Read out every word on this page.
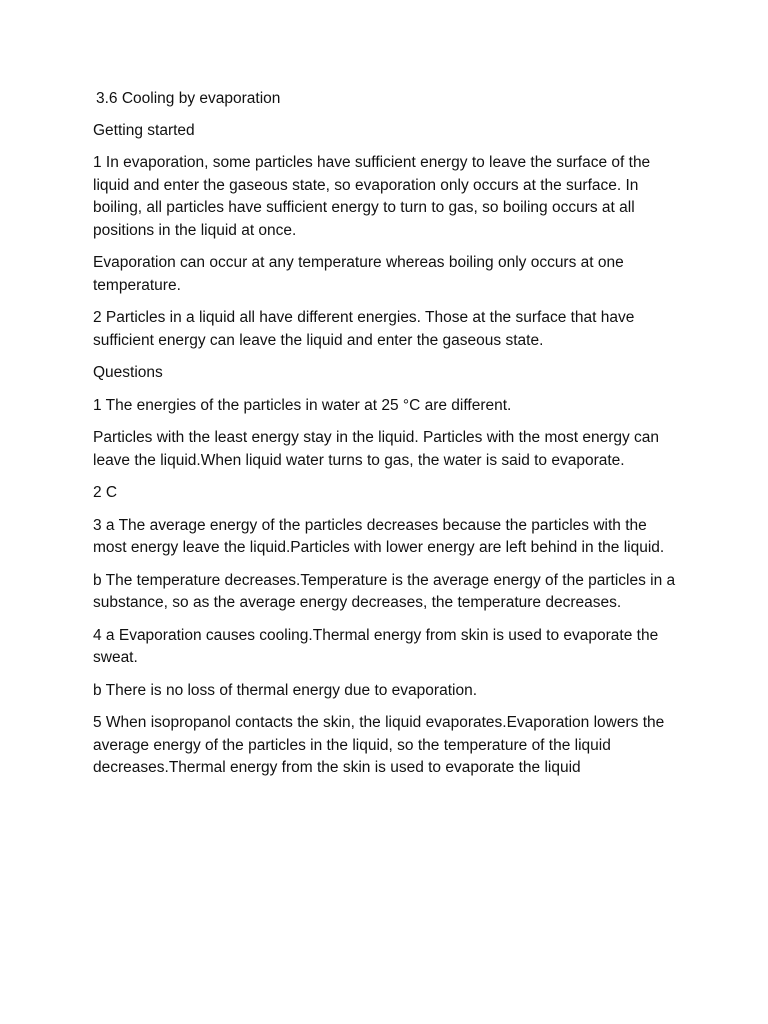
3.6 Cooling by evaporation

Getting started

1 In evaporation, some particles have sufficient energy to leave the surface of the liquid and enter the gaseous state, so evaporation only occurs at the surface. In boiling, all particles have sufficient energy to turn to gas, so boiling occurs at all positions in the liquid at once.

Evaporation can occur at any temperature whereas boiling only occurs at one temperature.

2 Particles in a liquid all have different energies. Those at the surface that have sufficient energy can leave the liquid and enter the gaseous state.

Questions

1 The energies of the particles in water at 25 °C are different.

Particles with the least energy stay in the liquid. Particles with the most energy can leave the liquid.When liquid water turns to gas, the water is said to evaporate.

2 C

3 a The average energy of the particles decreases because the particles with the most energy leave the liquid.Particles with lower energy are left behind in the liquid.

b The temperature decreases.Temperature is the average energy of the particles in a substance, so as the average energy decreases, the temperature decreases.

4 a Evaporation causes cooling.Thermal energy from skin is used to evaporate the sweat.

b There is no loss of thermal energy due to evaporation.

5 When isopropanol contacts the skin, the liquid evaporates.Evaporation lowers the average energy of the particles in the liquid, so the temperature of the liquid decreases.Thermal energy from the skin is used to evaporate the liquid
